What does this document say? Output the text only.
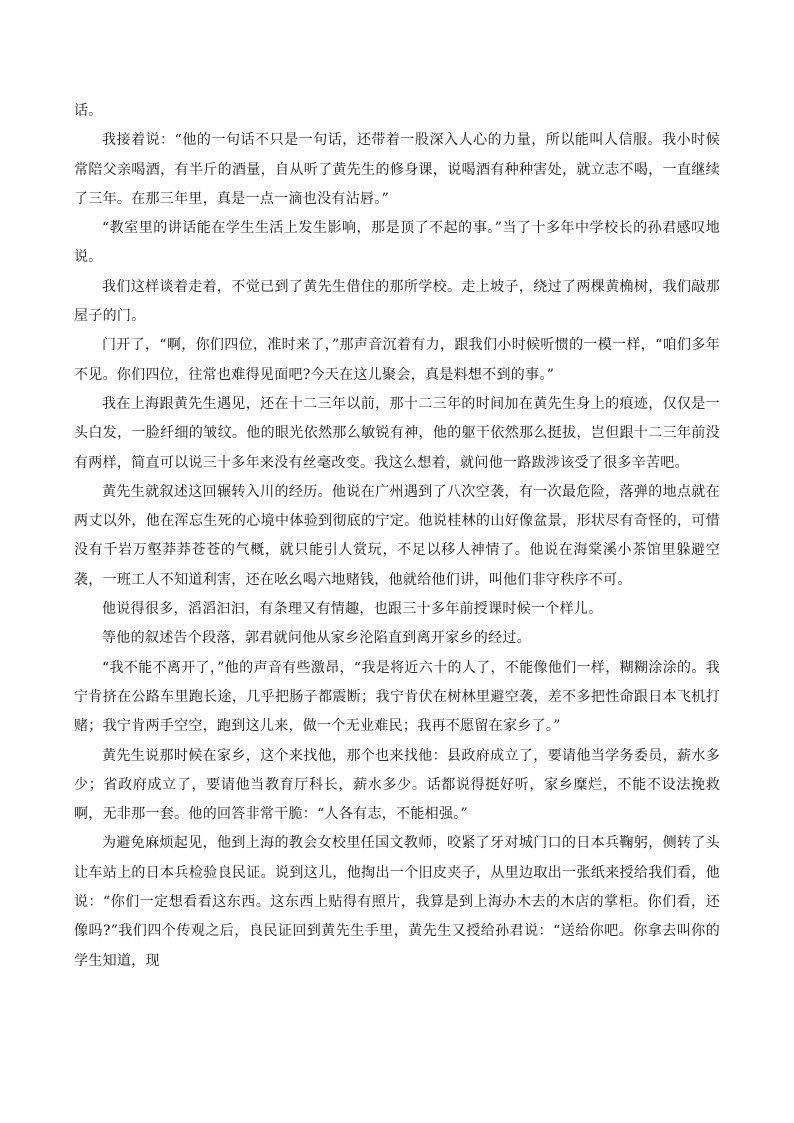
话。

我接着说：“他的一句话不只是一句话，还带着一股深入人心的力量，所以能叫人信服。我小时候常陪父亲喝酒，有半斤的酒量，自从听了黄先生的修身课，说喝酒有种种害处，就立志不喝，一直继续了三年。在那三年里，真是一点一滴也没有沾唇。”

“教室里的讲话能在学生生活上发生影响，那是顶了不起的事。”当了十多年中学校长的孙君感叹地说。

我们这样谈着走着，不觉已到了黄先生借住的那所学校。走上坡子，绕过了两棵黄桷树，我们敲那屋子的门。

门开了，“啊，你们四位，准时来了，”那声音沉着有力，跟我们小时候听惯的一模一样，“咱们多年不见。你们四位，往常也难得见面吧?今天在这儿聚会，真是料想不到的事。”

我在上海跟黄先生遇见，还在十二三年以前，那十二三年的时间加在黄先生身上的痕迹，仅仅是一头白发，一脸纤细的皱纹。他的眼光依然那么敏锐有神，他的躯干依然那么挺拔，岂但跟十二三年前没有两样，简直可以说三十多年来没有丝毫改变。我这么想着，就问他一路跋涉该受了很多辛苦吧。

黄先生就叙述这回辗转入川的经历。他说在广州遇到了八次空袭，有一次最危险，落弹的地点就在两丈以外，他在浑忘生死的心境中体验到彻底的宁定。他说桂林的山好像盆景，形状尽有奇怪的，可惜没有千岩万壑莽莽苍苍的气概，就只能引人赏玩，不足以移人神情了。他说在海棠溪小茶馆里躲避空袭，一班工人不知道利害，还在吆幺喝六地赌钱，他就给他们讲，叫他们非守秩序不可。

他说得很多，滔滔汩汩，有条理又有情趣，也跟三十多年前授课时候一个样儿。

等他的叙述告个段落，郭君就问他从家乡沦陷直到离开家乡的经过。

“我不能不离开了，”他的声音有些激昂，“我是将近六十的人了，不能像他们一样，糊糊涂涂的。我宁肯挤在公路车里跑长途，几乎把肠子都震断；我宁肯伏在树林里避空袭，差不多把性命跟日本飞机打赌；我宁肯两手空空，跑到这儿来，做一个无业难民；我再不愿留在家乡了。”

黄先生说那时候在家乡，这个来找他，那个也来找他：县政府成立了，要请他当学务委员，薪水多少；省政府成立了，要请他当教育厅科长，薪水多少。话都说得挺好听，家乡糜烂，不能不设法挽救啊，无非那一套。他的回答非常干脆：“人各有志，不能相强。”

为避免麻烦起见，他到上海的教会女校里任国文教师，咬紧了牙对城门口的日本兵鞠躬，侧转了头让车站上的日本兵检验良民证。说到这儿，他掏出一个旧皮夹子，从里边取出一张纸来授给我们看，他说：“你们一定想看看这东西。这东西上贴得有照片，我算是到上海办木去的木店的掌柜。你们看，还像吗?”我们四个传观之后，良民证回到黄先生手里，黄先生又授给孙君说：“送给你吧。你拿去叫你的学生知道，现
